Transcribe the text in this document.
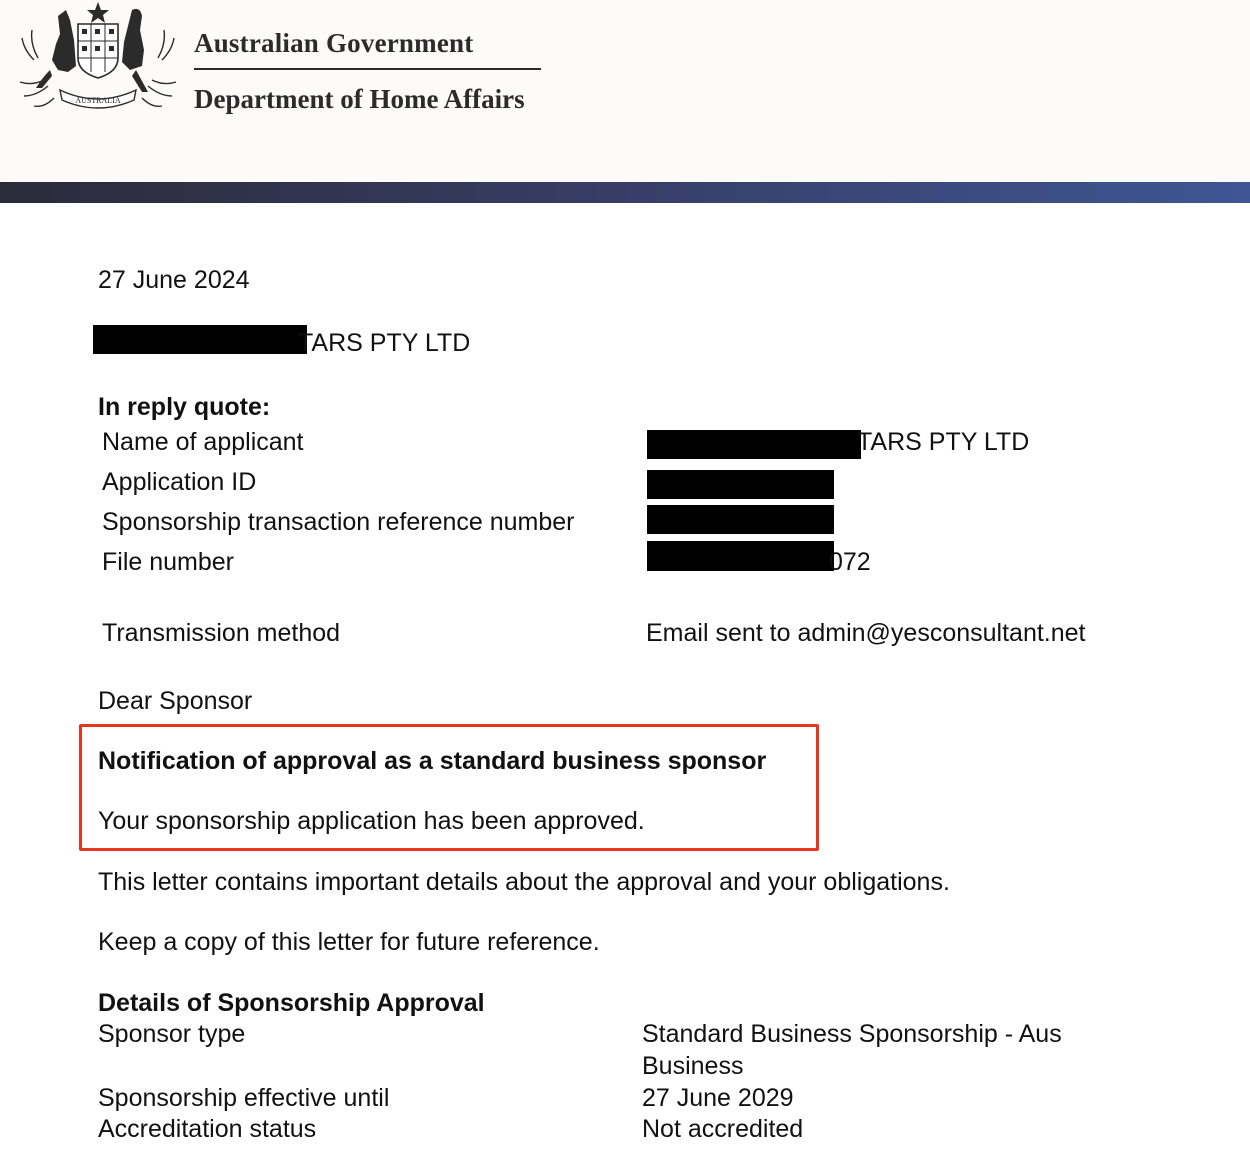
AUSTRALIA
Australian Government
Department of Home Affairs
27 June 2024
TARS PTY LTD
In reply quote:
Name of applicant	TARS PTY LTD
Application ID
Sponsorship transaction reference number
File number	072
Transmission method	Email sent to admin@yesconsultant.net
Dear Sponsor
Notification of approval as a standard business sponsor
Your sponsorship application has been approved.
This letter contains important details about the approval and your obligations.
Keep a copy of this letter for future reference.
Details of Sponsorship Approval
Sponsor type	Standard Business Sponsorship - Aus
Business
Sponsorship effective until	27 June 2029
Accreditation status	Not accredited
